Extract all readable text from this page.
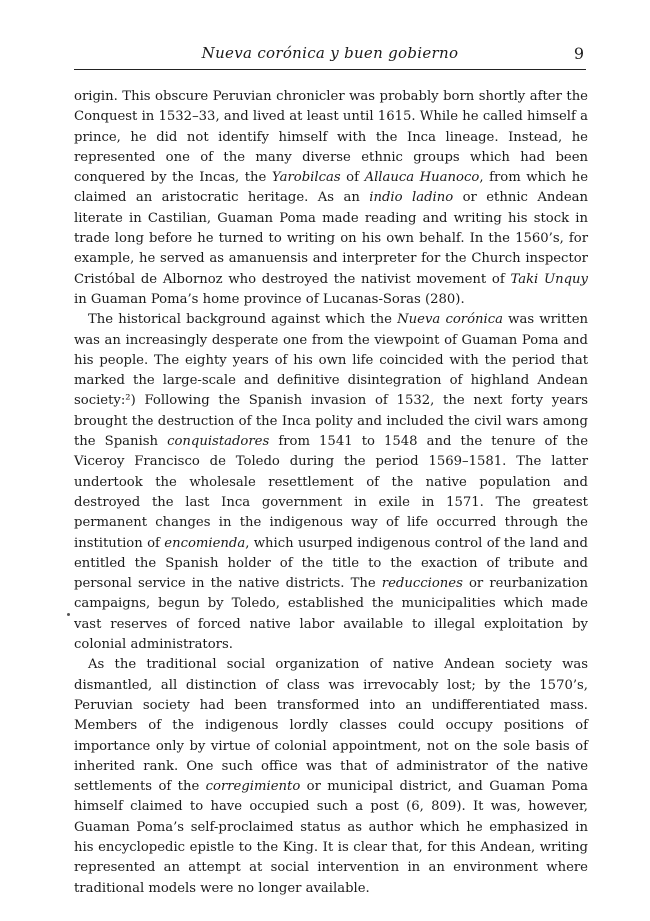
Nueva corónica y buen gobierno	9

origin. This obscure Peruvian chronicler was probably born shortly after the Conquest in 1532–33, and lived at least until 1615. While he called himself a prince, he did not identify himself with the Inca lineage. Instead, he represented one of the many diverse ethnic groups which had been conquered by the Incas, the Yarobilcas of Allauca Huanoco, from which he claimed an aristocratic heritage. As an indio ladino or ethnic Andean literate in Castilian, Guaman Poma made reading and writing his stock in trade long before he turned to writing on his own behalf. In the 1560’s, for example, he served as amanuensis and interpreter for the Church inspector Cristóbal de Albornoz who destroyed the nativist movement of Taki Unquy in Guaman Poma’s home province of Lucanas-Soras (280).

The historical background against which the Nueva corónica was written was an increasingly desperate one from the viewpoint of Guaman Poma and his people. The eighty years of his own life coincided with the period that marked the large-scale and definitive disintegration of highland Andean society:²) Following the Spanish invasion of 1532, the next forty years brought the destruction of the Inca polity and included the civil wars among the Spanish conquistadores from 1541 to 1548 and the tenure of the Viceroy Francisco de Toledo during the period 1569–1581. The latter undertook the wholesale resettlement of the native population and destroyed the last Inca government in exile in 1571. The greatest permanent changes in the indigenous way of life occurred through the institution of encomienda, which usurped indigenous control of the land and entitled the Spanish holder of the title to the exaction of tribute and personal service in the native districts. The reducciones or reurbanization campaigns, begun by Toledo, established the municipalities which made vast reserves of forced native labor available to illegal exploitation by colonial administrators.

As the traditional social organization of native Andean society was dismantled, all distinction of class was irrevocably lost; by the 1570’s, Peruvian society had been transformed into an undifferentiated mass. Members of the indigenous lordly classes could occupy positions of importance only by virtue of colonial appointment, not on the sole basis of inherited rank. One such office was that of administrator of the native settlements of the corregimiento or municipal district, and Guaman Poma himself claimed to have occupied such a post (6, 809). It was, however, Guaman Poma’s self-proclaimed status as author which he emphasized in his encyclopedic epistle to the King. It is clear that, for this Andean, writing represented an attempt at social intervention in an environment where traditional models were no longer available.
